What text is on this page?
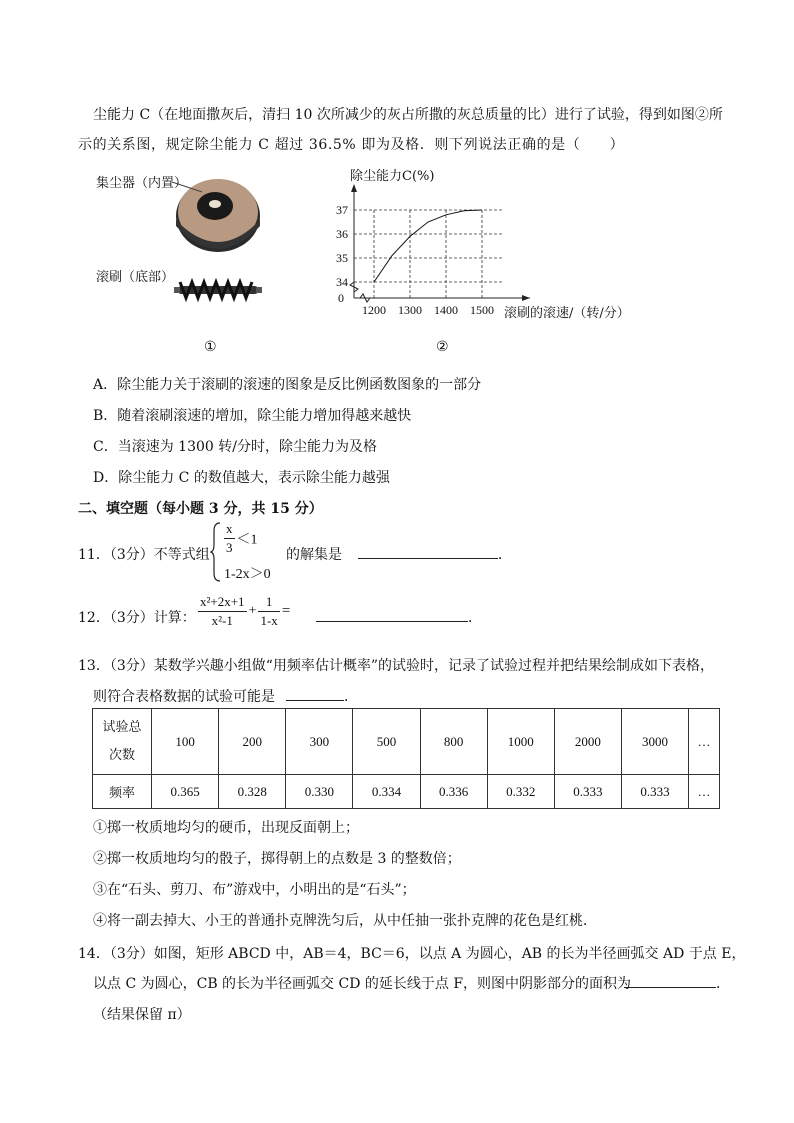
尘能力 C（在地面撒灰后，清扫 10 次所减少的灰占所撒的灰总质量的比）进行了试验，得到如图②所
示的关系图，规定除尘能力 C 超过 36.5% 即为及格．则下列说法正确的是（　　）
集尘器（内置）
滚刷（底部）
①
34
35
36
37
1200 1300 1400 1500
0
除尘能力C(%)
滚刷的滚速/（转/分）
②
A．除尘能力关于滚刷的滚速的图象是反比例函数图象的一部分
B．随着滚刷滚速的增加，除尘能力增加得越来越快
C．当滚速为 1300 转/分时，除尘能力为及格
D．除尘能力 C 的数值越大，表示除尘能力越强
二、填空题（每小题 3 分，共 15 分）
11．（3分）不等式组 $\frac{x}{3} <1$
1-2x＞0
的解集是	．
12．（3分）计算： $\frac{\text{x²+2x+1}}{\text{x²-1}} + \frac{1}{1-x}$ =	．
13．（3分）某数学兴趣小组做“用频率估计概率”的试验时，记录了试验过程并把结果绘制成如下表格，
则符合表格数据的试验可能是	．
试验总
次数	100	200	300	500	800	1000	2000	3000	…
频率	0.365	0.328	0.330	0.334	0.336	0.332	0.333	0.333	…
①掷一枚质地均匀的硬币，出现反面朝上；
②掷一枚质地均匀的骰子，掷得朝上的点数是 3 的整数倍；
③在“石头、剪刀、布”游戏中，小明出的是“石头”；
④将一副去掉大、小王的普通扑克牌洗匀后，从中任抽一张扑克牌的花色是红桃．
14．（3分）如图，矩形 ABCD 中，AB＝4，BC＝6，以点 A 为圆心，AB 的长为半径画弧交 AD 于点 E，
以点 C 为圆心，CB 的长为半径画弧交 CD 的延长线于点 F，则图中阴影部分的面积为	．
（结果保留 π）
